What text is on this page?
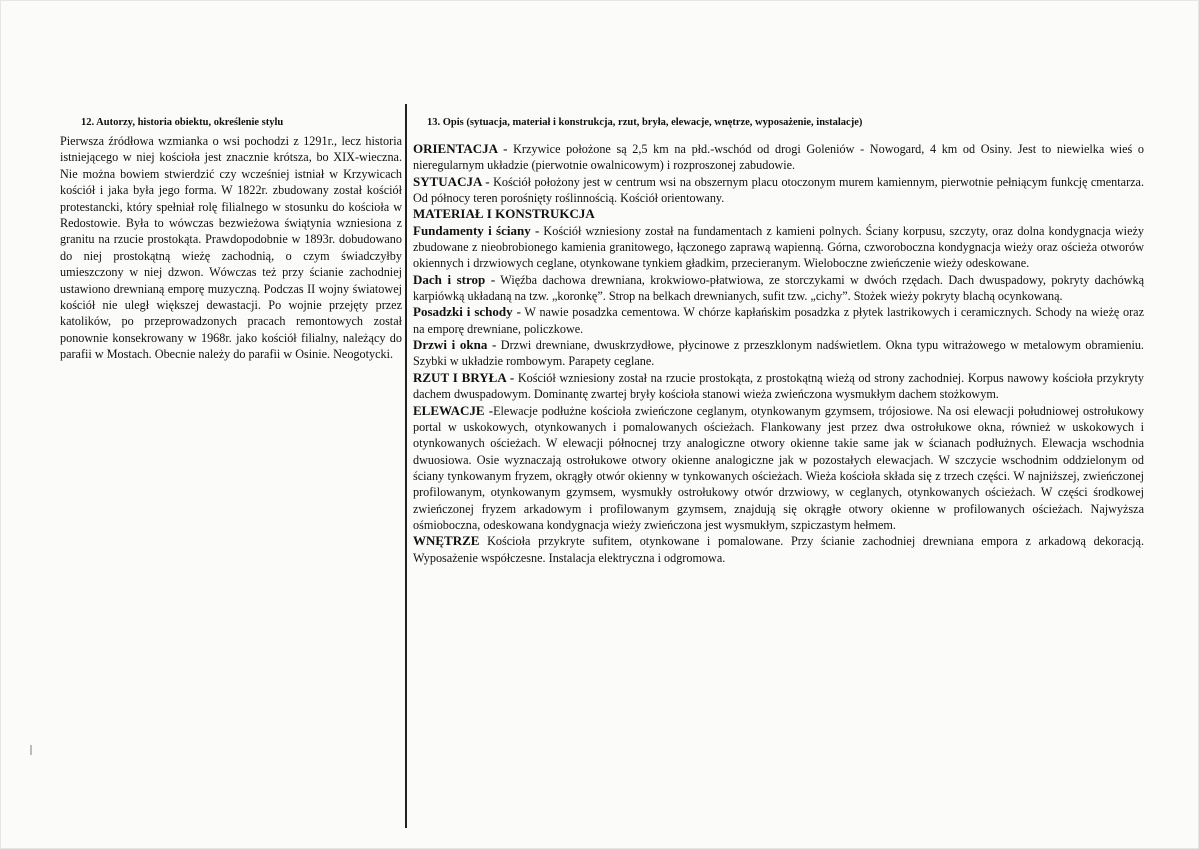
12. Autorzy, historia obiektu, określenie stylu	13. Opis (sytuacja, materiał i konstrukcja, rzut, bryła, elewacje, wnętrze, wyposażenie, instalacje)
Pierwsza źródłowa wzmianka o wsi pochodzi z 1291r., lecz historia istniejącego w niej kościoła jest znacznie krótsza, bo XIX-wieczna. Nie można bowiem stwierdzić czy wcześniej istniał w Krzywicach kościół i jaka była jego forma. W 1822r. zbudowany został kościół protestancki, który spełniał rolę filialnego w stosunku do kościoła w Redostowie. Była to wówczas bezwieżowa świątynia wzniesiona z granitu na rzucie prostokąta. Prawdopodobnie w 1893r. dobudowano do niej prostokątną wieżę zachodnią, o czym świadczyłby umieszczony w niej dzwon. Wówczas też przy ścianie zachodniej ustawiono drewnianą emporę muzyczną. Podczas II wojny światowej kościół nie uległ większej dewastacji. Po wojnie przejęty przez katolików, po przeprowadzonych pracach remontowych został ponownie konsekrowany w 1968r. jako kościół filialny, należący do parafii w Mostach. Obecnie należy do parafii w Osinie. Neogotycki.

ORIENTACJA - Krzywice położone są 2,5 km na płd.-wschód od drogi Goleniów - Nowogard, 4 km od Osiny. Jest to niewielka wieś o nieregularnym układzie (pierwotnie owalnicowym) i rozproszonej zabudowie.

SYTUACJA - Kościół położony jest w centrum wsi na obszernym placu otoczonym murem kamiennym, pierwotnie pełniącym funkcję cmentarza. Od północy teren porośnięty roślinnością. Kościół orientowany.

MATERIAŁ I KONSTRUKCJA

Fundamenty i ściany - Kościół wzniesiony został na fundamentach z kamieni polnych. Ściany korpusu, szczyty, oraz dolna kondygnacja wieży zbudowane z nieobrobionego kamienia granitowego, łączonego zaprawą wapienną. Górna, czworoboczna kondygnacja wieży oraz ościeża otworów okiennych i drzwiowych ceglane, otynkowane tynkiem gładkim, przecieranym. Wieloboczne zwieńczenie wieży odeskowane.

Dach i strop - Więźba dachowa drewniana, krokwiowo-płatwiowa, ze storczykami w dwóch rzędach. Dach dwuspadowy, pokryty dachówką karpiówką układaną na tzw. „koronkę”. Strop na belkach drewnianych, sufit tzw. „cichy”. Stożek wieży pokryty blachą ocynkowaną.

Posadzki i schody - W nawie posadzka cementowa. W chórze kapłańskim posadzka z płytek lastrikowych i ceramicznych. Schody na wieżę oraz na emporę drewniane, policzkowe.

Drzwi i okna - Drzwi drewniane, dwuskrzydłowe, płycinowe z przeszklonym nadświetlem. Okna typu witrażowego w metalowym obramieniu. Szybki w układzie rombowym. Parapety ceglane.

RZUT I BRYŁA - Kościół wzniesiony został na rzucie prostokąta, z prostokątną wieżą od strony zachodniej. Korpus nawowy kościoła przykryty dachem dwuspadowym. Dominantę zwartej bryły kościoła stanowi wieża zwieńczona wysmukłym dachem stożkowym.

ELEWACJE -Elewacje podłużne kościoła zwieńczone ceglanym, otynkowanym gzymsem, trójosiowe. Na osi elewacji południowej ostrołukowy portal w uskokowych, otynkowanych i pomalowanych ościeżach. Flankowany jest przez dwa ostrołukowe okna, również w uskokowych i otynkowanych ościeżach. W elewacji północnej trzy analogiczne otwory okienne takie same jak w ścianach podłużnych. Elewacja wschodnia dwuosiowa. Osie wyznaczają ostrołukowe otwory okienne analogiczne jak w pozostałych elewacjach. W szczycie wschodnim oddzielonym od ściany tynkowanym fryzem, okrągły otwór okienny w tynkowanych ościeżach. Wieża kościoła składa się z trzech części. W najniższej, zwieńczonej profilowanym, otynkowanym gzymsem, wysmukły ostrołukowy otwór drzwiowy, w ceglanych, otynkowanych ościeżach. W części środkowej zwieńczonej fryzem arkadowym i profilowanym gzymsem, znajdują się okrągłe otwory okienne w profilowanych ościeżach. Najwyższa ośmioboczna, odeskowana kondygnacja wieży zwieńczona jest wysmukłym, szpiczastym hełmem.

WNĘTRZE Kościoła przykryte sufitem, otynkowane i pomalowane. Przy ścianie zachodniej drewniana empora z arkadową dekoracją. Wyposażenie współczesne. Instalacja elektryczna i odgromowa.
